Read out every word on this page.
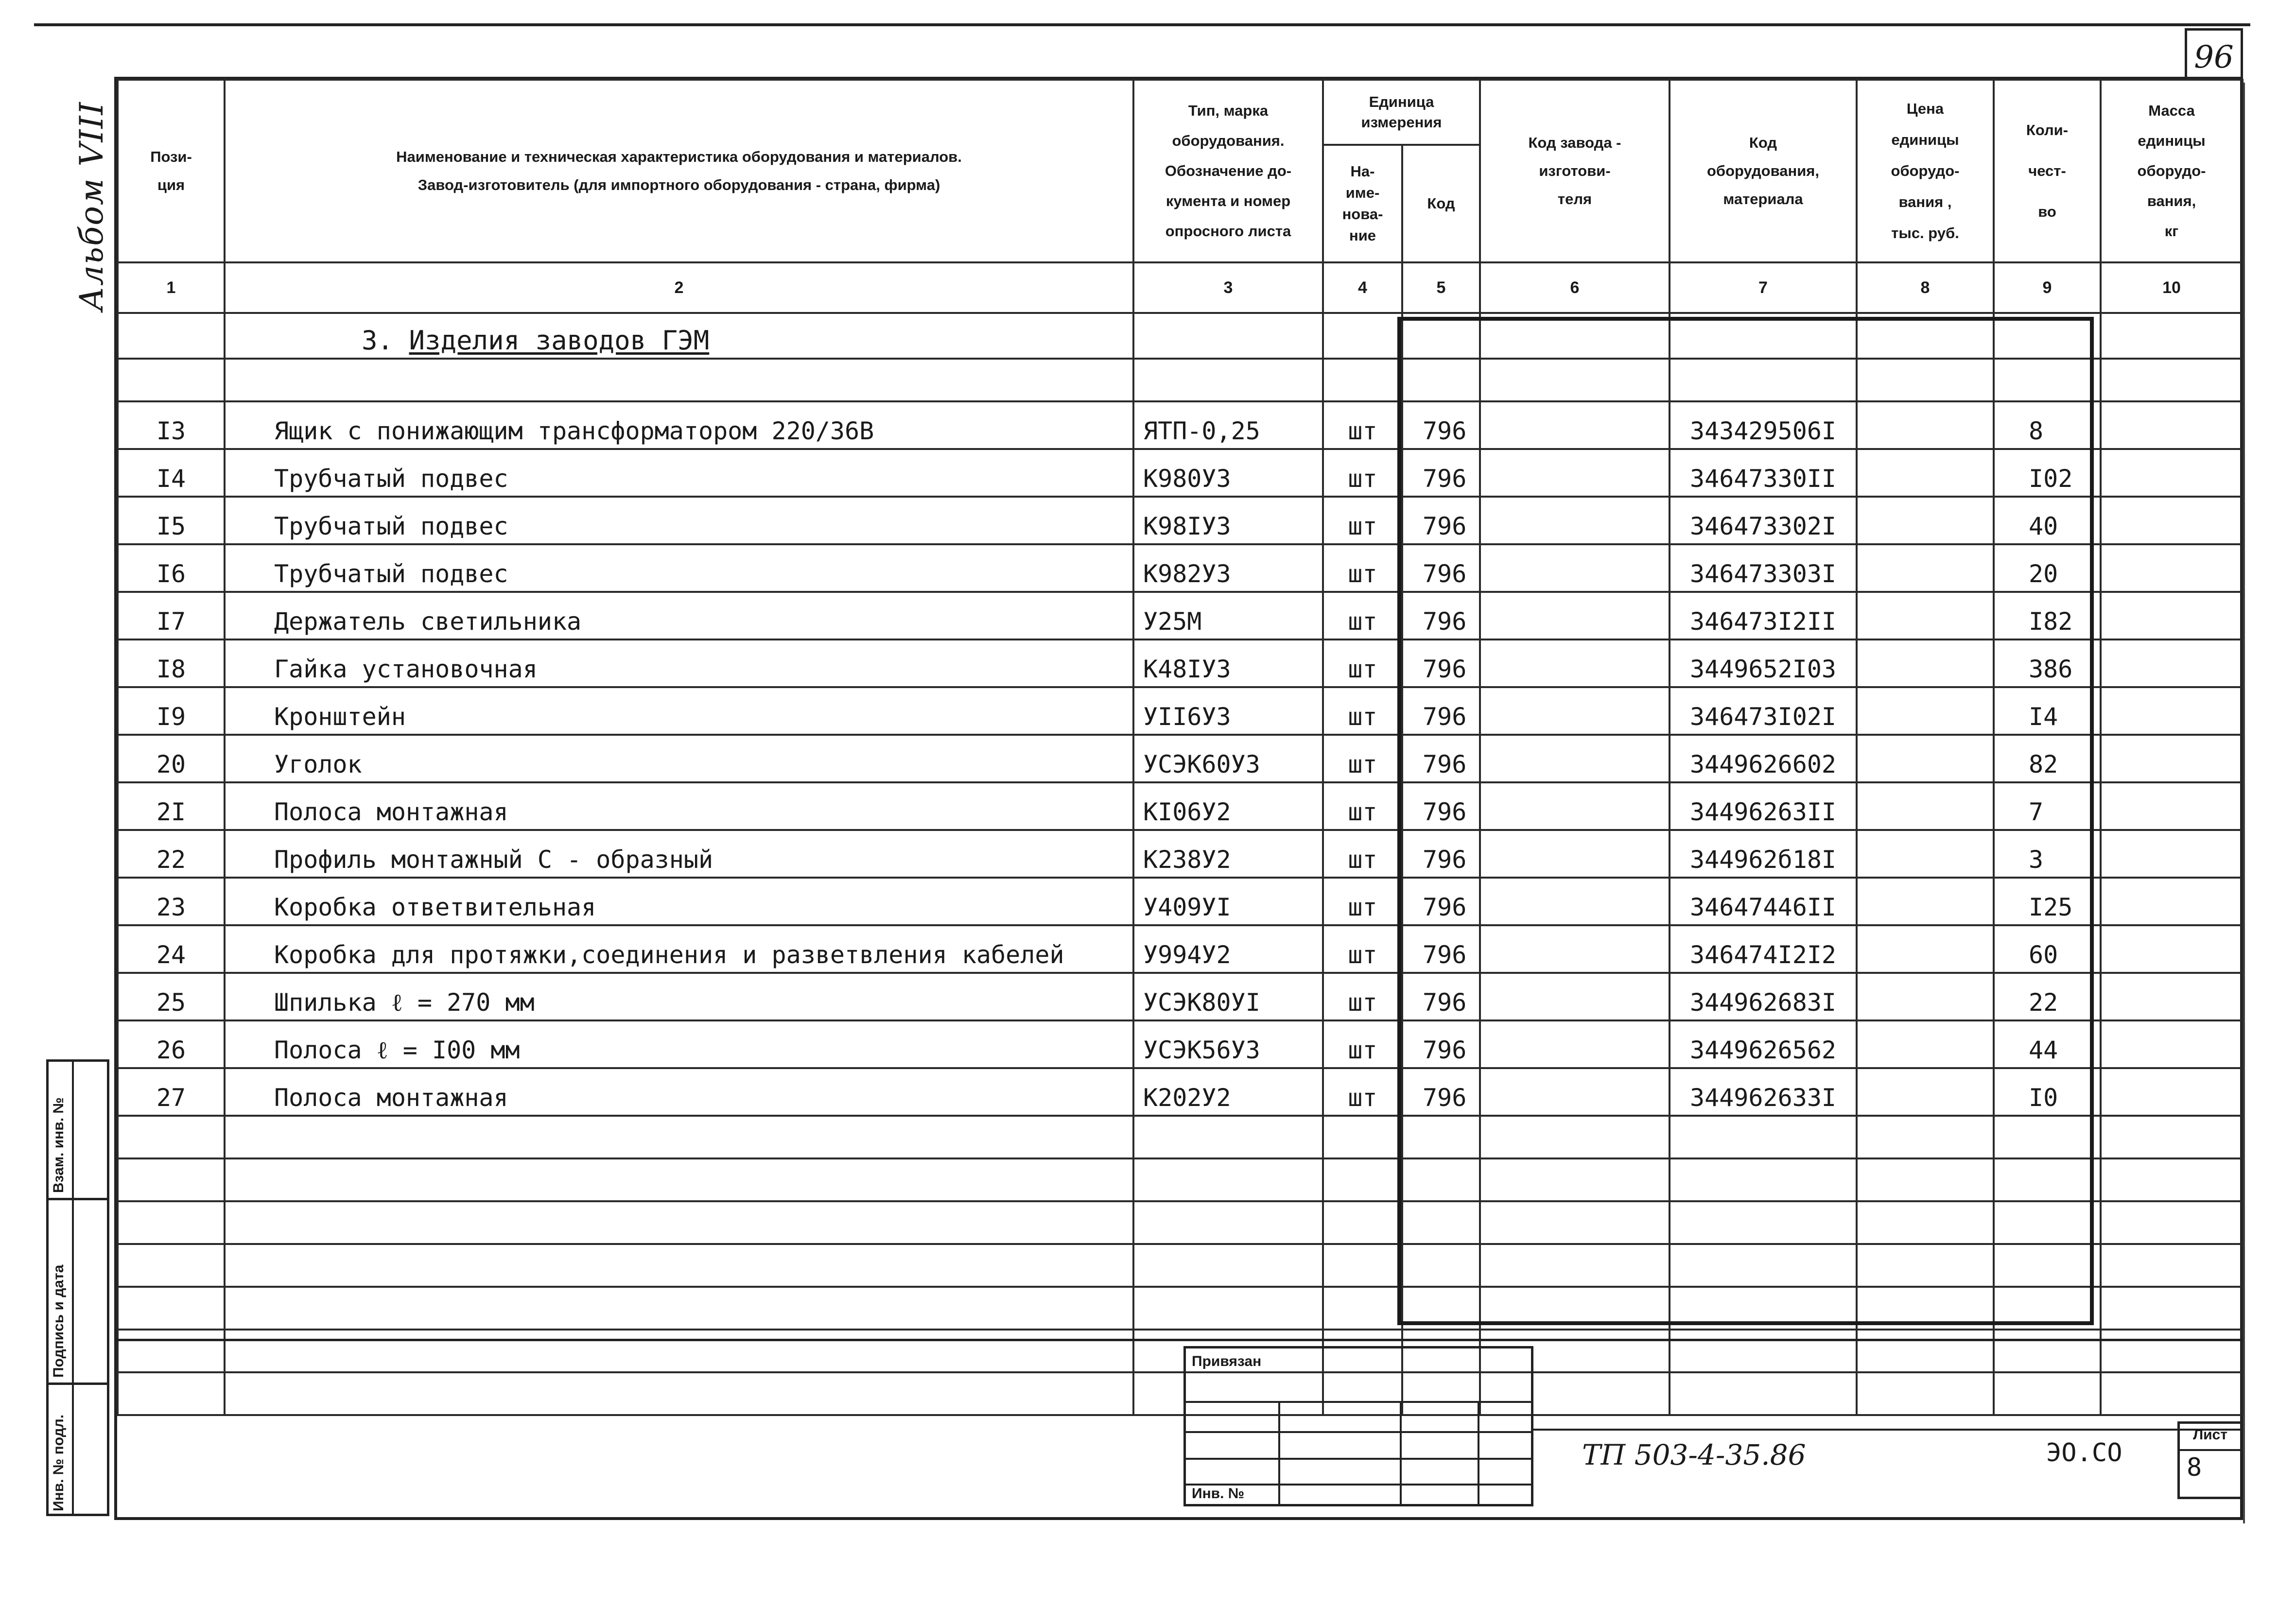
96
Альбом VIII	Пози-
ция	Наименование и техническая характеристика оборудования и материалов.
Завод-изготовитель (для импортного оборудования - страна, фирма)	Тип, марка
оборудования.
Обозначение до-
кумента и номер
опросного листа	Единица измерения		Код завода -
изготови-
теля	Код
оборудования,
материала	Цена
единицы
оборудо-
вания ,
тыс. руб.	Коли-
чест-
во	Масса
единицы
оборудо-
вания,
кг

			На-
име-
нова-
ние	Код					
1	2	3	4	5	6	7	8	9	10
	3. Изделия заводов ГЭМ								

I3	Ящик с понижающим трансформатором 220/36В	ЯТП-0,25	шт	796		343429506I		8	
I4	Трубчатый подвес	К980УЗ	шт	796		34647330II		I02	
I5	Трубчатый подвес	К98IУЗ	шт	796		346473302I		40	
I6	Трубчатый подвес	К982УЗ	шт	796		346473303I		20	
I7	Держатель светильника	У25М	шт	796		346473I2II		I82	
I8	Гайка установочная	К48IУЗ	шт	796		3449652I03		386	
I9	Кронштейн	УII6УЗ	шт	796		346473I02I		I4	
20	Уголок	УСЭК60УЗ	шт	796		3449626602		82	
2I	Полоса монтажная	КI06У2	шт	796		34496263II		7	
22	Профиль монтажный С - образный	К238У2	шт	796		344962б18I		3	
23	Коробка ответвительная	У409УI	шт	796		34647446II		I25	
24	Коробка для протяжки,соединения и разветвления кабелей	У994У2	шт	796		346474I2I2		60	
25	Шпилька ℓ = 270 мм	УСЭК80УI	шт	796		344962683I		22	
26	Полоса ℓ = I00 мм	УСЭК56УЗ	шт	796		3449626562		44	
27	Полоса монтажная	К202У2	шт	796		344962633I		I0	

Взам. инв. №
Подпись и дата
Инв. № подл.
Привязан
Инв. №
ТП 503-4-35.86	ЭО.СО
Лист
8
